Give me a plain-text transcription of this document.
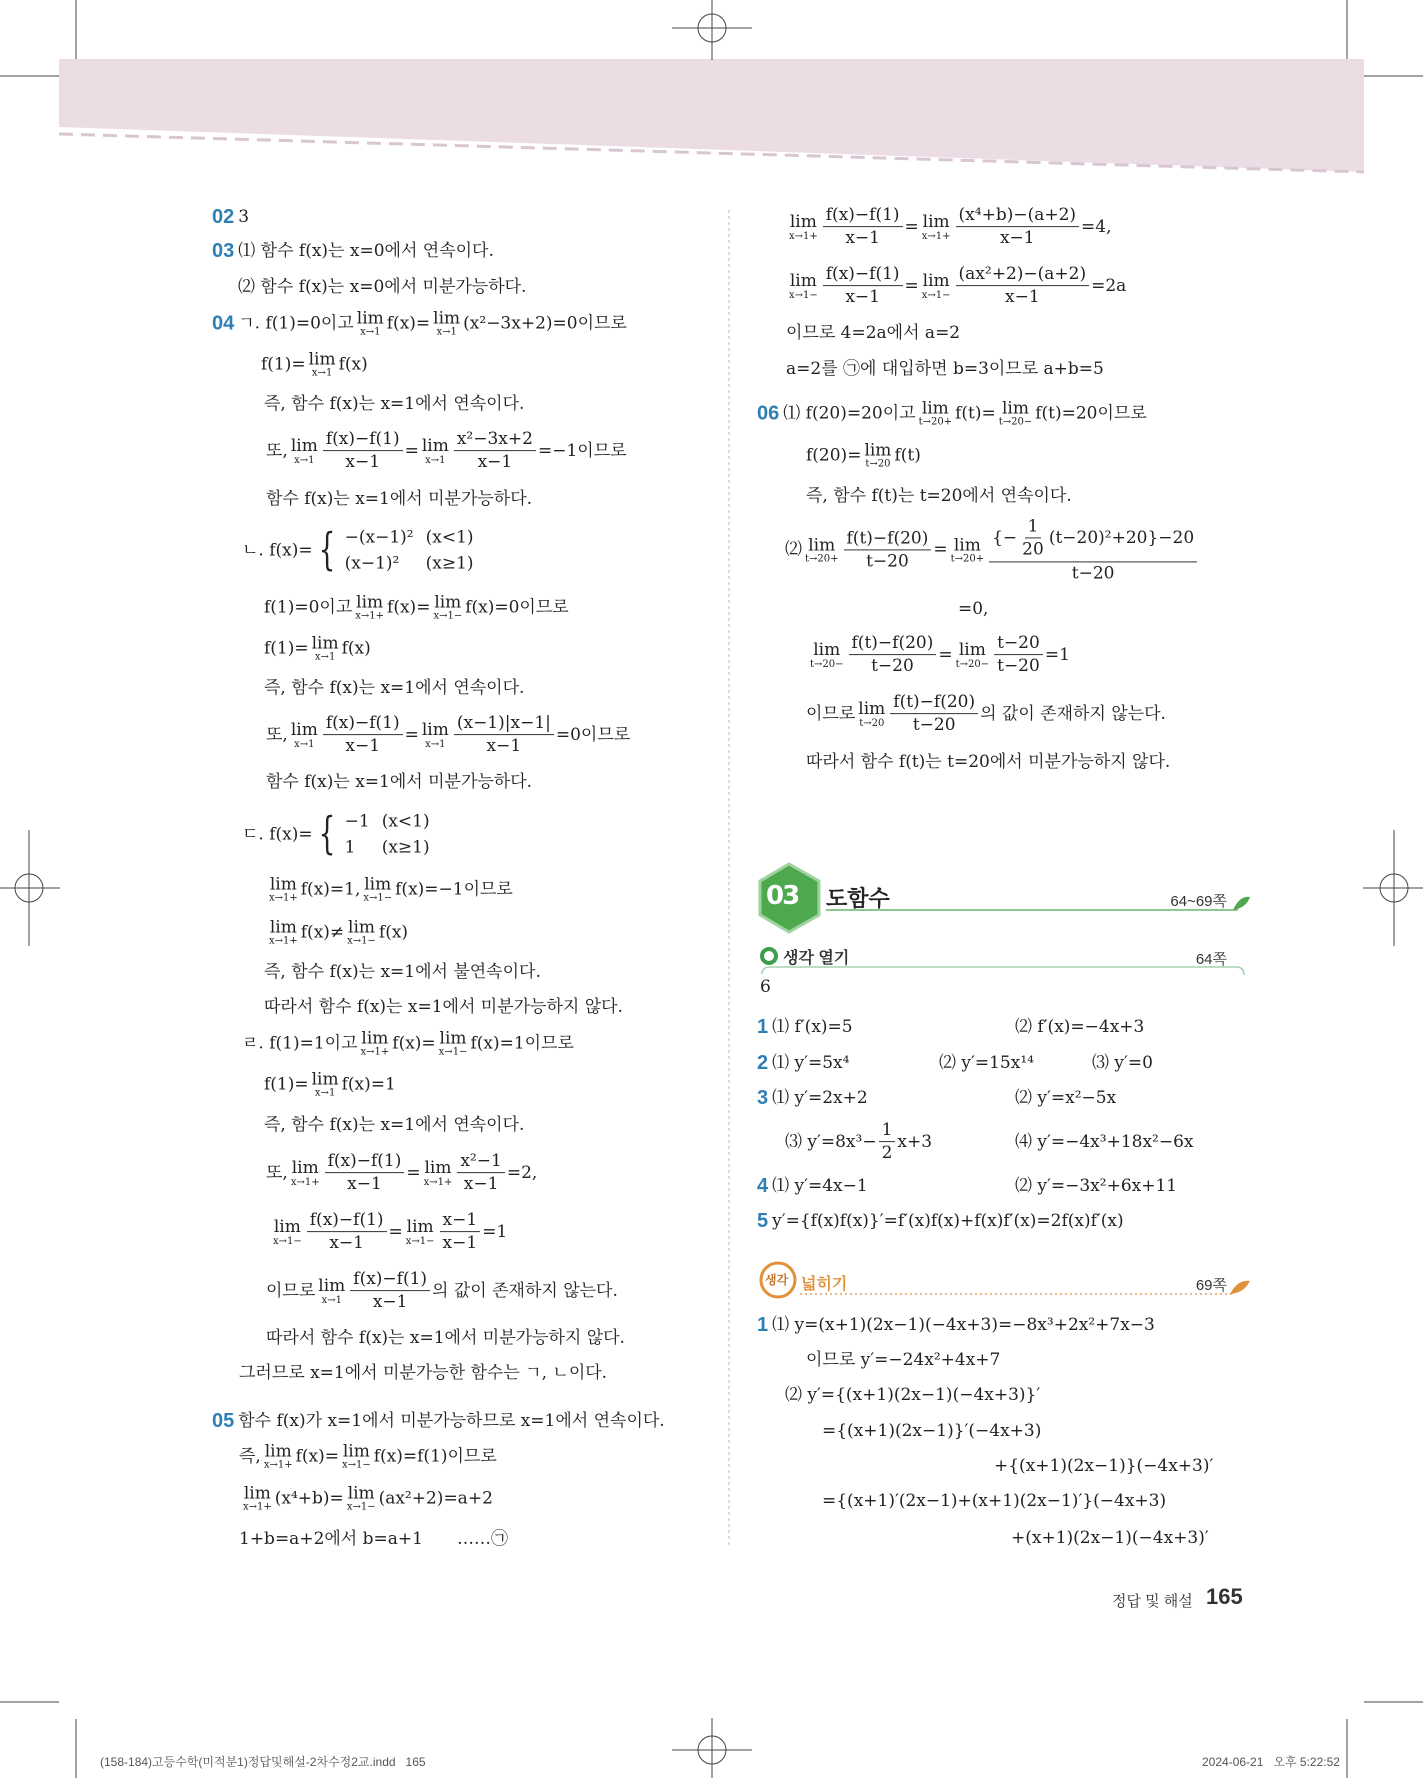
02 3
03 ⑴ 함수 f(x)는 x=0에서 연속이다.
⑵ 함수 f(x)는 x=0에서 미분가능하다.
04 ㄱ. f(1)=0이고 lim
x→1 f(x)= lim
x→1 (x²−3x+2)=0이므로
f(1)= lim
x→1 f(x)
즉, 함수 f(x)는 x=1에서 연속이다.
또, lim
$x\to 1 \frac{f(x)-f(1)}{x-1} = \lim$
$x\to 1 \frac{\text{x²−3x+2}}{x-1} =-1$이므로
함수 f(x)는 x=1에서 미분가능하다.
ㄴ. f(x)= { −(x−1)²	(x<1)
(x−1)²	(x≥1)
f(1)=0이고 lim
x→1+ f(x)= lim
x→1− f(x)=0이므로
f(1)= lim
x→1 f(x)
즉, 함수 f(x)는 x=1에서 연속이다.
또, lim
$x\to 1 \frac{f(x)-f(1)}{x-1} = \lim$
$x\to 1 \frac{(x-1)|x-1|}{x-1} =0$이므로
함수 f(x)는 x=1에서 미분가능하다.
ㄷ. f(x)= { −1	(x<1)
1	(x≥1)
lim
x→1+ f(x)=1, lim
x→1− f(x)=−1이므로
lim
x→1+ f(x)≠ lim
x→1− f(x)
즉, 함수 f(x)는 x=1에서 불연속이다.
따라서 함수 f(x)는 x=1에서 미분가능하지 않다.
ㄹ. f(1)=1이고 lim
x→1+ f(x)= lim
x→1− f(x)=1이므로
f(1)= lim
x→1 f(x)=1
즉, 함수 f(x)는 x=1에서 연속이다.
또, lim
$x\to 1+ \frac{f(x)-f(1)}{x-1} = \lim$
$x\to 1+ \frac{\text{x²−1}}{x-1} =2$,
lim
$x\to 1- \frac{f(x)-f(1)}{x-1} = \lim$
$x\to 1- \frac{x-1}{x-1} =1$
이므로 lim
$x\to 1 \frac{f(x)-f(1)}{x-1}$ 의 값이 존재하지 않는다.
따라서 함수 f(x)는 x=1에서 미분가능하지 않다.
그러므로 x=1에서 미분가능한 함수는 ㄱ, ㄴ이다.
05 함수 f(x)가 x=1에서 미분가능하므로 x=1에서 연속이다.
즉, lim
x→1+ f(x)= lim
x→1− f(x)=f(1)이므로
lim
x→1+ (x⁴+b)= lim
x→1− (ax²+2)=a+2
1+b=a+2에서 b=a+1　　……㉠
lim
$x\to 1+ \frac{f(x)-f(1)}{x-1} = \lim$
$x\to 1+ \frac{\text{(x⁴+b)−(a+2)}}{x-1} =4$,
lim
$x\to 1- \frac{f(x)-f(1)}{x-1} = \lim$
$x\to 1- \frac{\text{(ax²+2)−(a+2)}}{x-1} =2a$
이므로 4=2a에서 a=2
a=2를 ㉠에 대입하면 b=3이므로 a+b=5
06 ⑴ f(20)=20이고 lim
t→20+ f(t)= lim
t→20− f(t)=20이므로
f(20)= lim
t→20 f(t)
즉, 함수 f(t)는 t=20에서 연속이다.
⑵ lim
$t\to 20+ \frac{f(t)-f(20)}{t-20} = \lim$
$t\to 20+ \frac{\{- \frac{1}{20} (t-20)^2+20\}-20}{t-20}$
=0,
lim
$t\to 20- \frac{f(t)-f(20)}{t-20} = \lim$
$t\to 20- \frac{t-20}{t-20} =1$
이므로 lim
$t\to 20 \frac{f(t)-f(20)}{t-20}$ 의 값이 존재하지 않는다.
따라서 함수 f(t)는 t=20에서 미분가능하지 않다.
6
1 ⑴ f′(x)=5	⑵ f′(x)=−4x+3
2 ⑴ y′=5x⁴	⑵ y′=15x¹⁴	⑶ y′=0
3 ⑴ y′=2x+2	⑵ y′=x²−5x
⑶ $y'=8x^3- \frac{1}{2} x+3$	⑷ y′=−4x³+18x²−6x
4 ⑴ y′=4x−1	⑵ y′=−3x²+6x+11
5 y′={f(x)f(x)}′=f′(x)f(x)+f(x)f′(x)=2f(x)f′(x)
1 ⑴ y=(x+1)(2x−1)(−4x+3)=−8x³+2x²+7x−3
이므로 y′=−24x²+4x+7
⑵ y′={(x+1)(2x−1)(−4x+3)}′
={(x+1)(2x−1)}′(−4x+3)
+{(x+1)(2x−1)}(−4x+3)′
={(x+1)′(2x−1)+(x+1)(2x−1)′}(−4x+3)
+(x+1)(2x−1)(−4x+3)′
03 도함수	64~69쪽
생각 열기	64쪽
생각 넓히기	69쪽
정답 및 해설 165
(158-184)고등수학(미적분1)정답및해설-2차수정2교.indd   165	2024-06-21   오후 5:22:52
